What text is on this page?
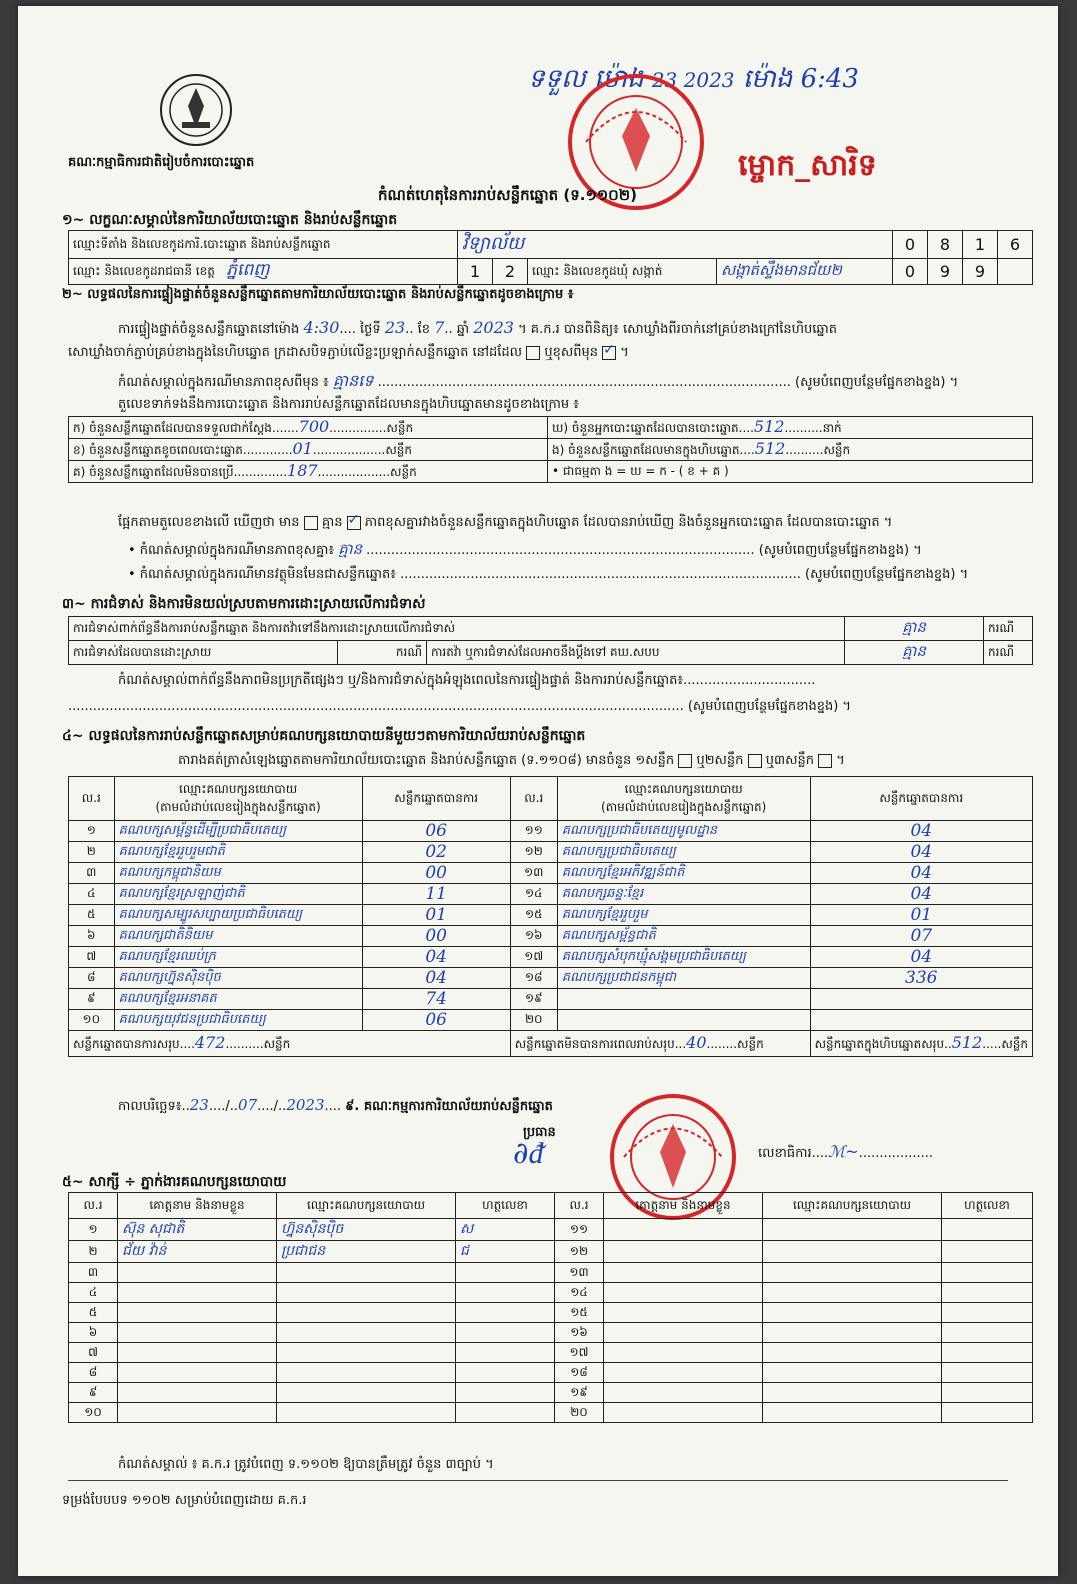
គណៈកម្មាធិការជាតិរៀបចំការបោះឆ្នោត
ទទួល ម៉ោង 23 2023 ម៉ោង 6:43
ម្ចោក_សារិទ
កំណត់ហេតុនៃការរាប់សន្លឹកឆ្នោត (ទ.១១០២)
១~ លក្ខណៈសម្គាល់នៃការិយាល័យបោះឆ្នោត និងរាប់សន្លឹកឆ្នោត
ឈ្មោះទីតាំង និងលេខកូដការិ.បោះឆ្នោត និងរាប់សន្លឹកឆ្នោត	វិទ្យាល័យ				0	8	1	6
ឈ្មោះ និងលេខកូដរាជធានី ខេត្ត ភ្នំពេញ	1	2	ឈ្មោះ និងលេខកូដឃុំ សង្កាត់	សង្កាត់ស្ទឹងមានជ័យ២	0	9	9	
២~ លទ្ធផលនៃការផ្ទៀងផ្ទាត់ចំនួនសន្លឹកឆ្នោតតាមការិយាល័យបោះឆ្នោត និងរាប់សន្លឹកឆ្នោតដូចខាងក្រោម ៖
ការផ្ទៀងផ្ទាត់ចំនួនសន្លឹកឆ្នោតនៅម៉ោង 4:30.... ថ្ងៃទី 23.. ខែ 7.. ឆ្នាំ 2023 ។ គ.ក.រ បានពិនិត្យ៖ សោឃ្លាំងពីរចាក់នៅគ្រប់ខាងក្រៅនៃហិបឆ្នោត
សោឃ្លាំងចាក់ភ្ជាប់គ្រប់ខាងក្នុងនៃហិបឆ្នោត ក្រដាសបិទភ្ជាប់លើខ្លះប្រឡាក់សន្លឹកឆ្នោត នៅដដែល ឬខុសពីមុន ✓ ។
កំណត់សម្គាល់ក្នុងករណីមានភាពខុសពីមុន ៖ គ្មានទេ .................................................................................................... (សូមបំពេញបន្ថែមផ្នែកខាងខ្នង) ។
តួលេខទាក់ទងនឹងការបោះឆ្នោត និងការរាប់សន្លឹកឆ្នោតដែលមានក្នុងហិបឆ្នោតមានដូចខាងក្រោម ៖
ក) ចំនួនសន្លឹកឆ្នោតដែលបានទទួលជាក់ស្តែង.......700...............សន្លឹក	ឃ) ចំនួនអ្នកបោះឆ្នោតដែលបានបោះឆ្នោត....512..........នាក់
ខ) ចំនួនសន្លឹកឆ្នោតខូចពេលបោះឆ្នោត.............01...................សន្លឹក	ង) ចំនួនសន្លឹកឆ្នោតដែលមានក្នុងហិបឆ្នោត....512..........សន្លឹក
គ) ចំនួនសន្លឹកឆ្នោតដែលមិនបានប្រើ..............187...................សន្លឹក	• ជាធម្មតា ង = ឃ = ក - ( ខ + គ )
ផ្អែកតាមតួលេខខាងលើ ឃើញថា មាន គ្មាន ✓ ភាពខុសគ្នារវាងចំនួនសន្លឹកឆ្នោតក្នុងហិបឆ្នោត ដែលបានរាប់ឃើញ និងចំនួនអ្នកបោះឆ្នោត ដែលបានបោះឆ្នោត ។
• កំណត់សម្គាល់ក្នុងករណីមានភាពខុសគ្នា៖ គ្មាន .............................................................................................. (សូមបំពេញបន្ថែមផ្នែកខាងខ្នង) ។
• កំណត់សម្គាល់ក្នុងករណីមានវត្ថុមិនមែនជាសន្លឹកឆ្នោត៖ ................................................................................................. (សូមបំពេញបន្ថែមផ្នែកខាងខ្នង) ។
៣~ ការជំទាស់ និងការមិនយល់ស្របតាមការដោះស្រាយលើការជំទាស់
ការជំទាស់ពាក់ព័ន្ធនឹងការរាប់សន្លឹកឆ្នោត និងការតវ៉ាទៅនឹងការដោះស្រាយលើការជំទាស់			គ្មាន	ករណី
ការជំទាស់ដែលបានដោះស្រាយ	ករណី	ការតវ៉ា ឬការជំទាស់ដែលអាចនឹងប្តឹងទៅ គឃ.សបប	គ្មាន	ករណី
កំណត់សម្គាល់ពាក់ព័ន្ធនឹងភាពមិនប្រក្រតីផ្សេងៗ ឬ/និងការជំទាស់ក្នុងអំឡុងពេលនៃការផ្ទៀងផ្ទាត់ និងការរាប់សន្លឹកឆ្នោត៖................................
..................................................................................................................................................... (សូមបំពេញបន្ថែមផ្នែកខាងខ្នង) ។
៤~ លទ្ធផលនៃការរាប់សន្លឹកឆ្នោតសម្រាប់គណបក្សនយោបាយនីមួយៗតាមការិយាល័យរាប់សន្លឹកឆ្នោត
តារាងគត់ត្រាសំឡេងឆ្នោតតាមការិយាល័យបោះឆ្នោត និងរាប់សន្លឹកឆ្នោត (ទ.១១០៨) មានចំនួន ១សន្លឹក ឬ២សន្លឹក ឬ៣សន្លឹក  ។
ល.រ	ឈ្មោះគណបក្សនយោបាយ
(តាមលំដាប់លេខរៀងក្នុងសន្លឹកឆ្នោត)	សន្លឹកឆ្នោតបានការ	ល.រ	ឈ្មោះគណបក្សនយោបាយ
(តាមលំដាប់លេខរៀងក្នុងសន្លឹកឆ្នោត)	សន្លឹកឆ្នោតបានការ
១	គណបក្សសម្ព័ន្ធដើម្បីប្រជាធិបតេយ្យ	06	១១	គណបក្សប្រជាធិបតេយ្យមូលដ្ឋាន	04
២	គណបក្សខ្មែររួបរួមជាតិ	02	១២	គណបក្សប្រជាធិបតេយ្យ	04
៣	គណបក្សកម្ពុជានិយម	00	១៣	គណបក្សខ្មែរអភិវឌ្ឍន៍ជាតិ	04
៤	គណបក្សខ្មែរស្រឡាញ់ជាតិ	11	១៤	គណបក្សឆន្ទៈខ្មែរ	04
៥	គណបក្សសម្បូរសប្បាយប្រជាធិបតេយ្យ	01	១៥	គណបក្សខ្មែររួបរួម	01
៦	គណបក្សជាតិនិយម	00	១៦	គណបក្សសម្ព័ន្ធជាតិ	07
៧	គណបក្សខ្មែរឈប់ក្រ	04	១៧	គណបក្សសំបុកឃ្មុំសង្គមប្រជាធិបតេយ្យ	04
៨	គណបក្សហ្វ៊ុនស៊ិនប៉ិច	04	១៨	គណបក្សប្រជាជនកម្ពុជា	336
៩	គណបក្សខ្មែរអនាគត	74	១៩		
១០	គណបក្សយុវជនប្រជាធិបតេយ្យ	06	២០		
សន្លឹកឆ្នោតបានការសរុប....472..........សន្លឹក			សន្លឹកឆ្នោតមិនបានការពេលរាប់សរុប...40........សន្លឹក		សន្លឹកឆ្នោតក្នុងហិបឆ្នោតសរុប..512.....សន្លឹក
កាលបរិច្ឆេទ៖..23..../..07..../..2023.... ៩. គណៈកម្មការការិយាល័យរាប់សន្លឹកឆ្នោត
ប្រធាន
∂ᵭ	លេខាធិការ....ℳ~..................
៥~ សាក្សី ÷ ភ្នាក់ងារគណបក្សនយោបាយ
ល.រ	គោត្តនាម និងនាមខ្លួន	ឈ្មោះគណបក្សនយោបាយ	ហត្ថលេខា	ល.រ	គោត្តនាម និងនាមខ្លួន	ឈ្មោះគណបក្សនយោបាយ	ហត្ថលេខា
១	ស៊ុន សុជាតិ	ហ្វ៊ុនស៊ិនប៉ិច	ស	១១			
២	ជ័យ វ៉ាន់	ប្រជាជន	ជ	១២			
៣				១៣			
៤				១៤			
៥				១៥			
៦				១៦			
៧				១៧			
៨				១៨			
៩				១៩			
១០				២០			
កំណត់សម្គាល់ ៖ គ.ក.រ ត្រូវបំពេញ ទ.១១០២ ឱ្យបានត្រឹមត្រូវ ចំនួន ៣ច្បាប់ ។
ទម្រង់បែបបទ ១១០២ សម្រាប់បំពេញដោយ គ.ក.រ
